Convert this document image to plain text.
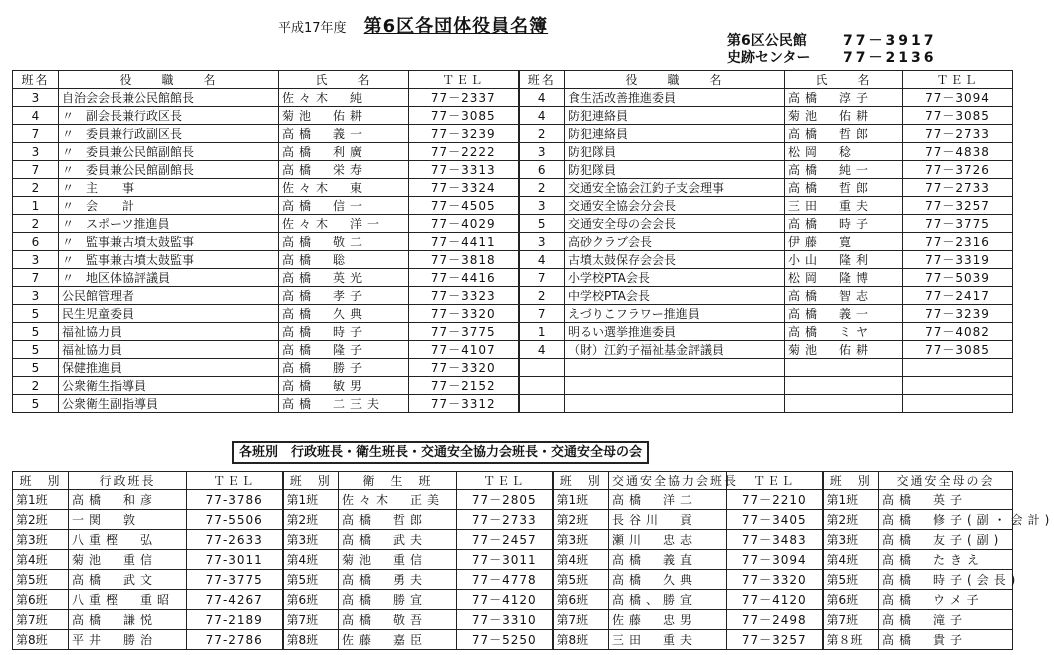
平成17年度 第6区各団体役員名簿
第6区公民館	77－3917
史跡センター 77－2136
班名	役　　職　　名	氏　　名	ＴＥＬ	班名	役　　職　　名	氏　　名	ＴＥＬ
3	自治会会長兼公民館館長	佐々木　純	77－2337	4	食生活改善推進委員	高橋　淳子	77－3094
4	〃　副会長兼行政区長	菊池　佑耕	77－3085	4	防犯連絡員	菊池　佑耕	77－3085
7	〃　委員兼行政副区長	高橋　義一	77－3239	2	防犯連絡員	高橋　哲郎	77－2733
3	〃　委員兼公民館副館長	高橋　利廣	77－2222	3	防犯隊員	松岡　稔	77－4838
7	〃　委員兼公民館副館長	高橋　栄寿	77－3313	6	防犯隊員	高橋　純一	77－3726
2	〃　主　　事	佐々木　東	77－3324	2	交通安全協会江釣子支会理事	高橋　哲郎	77－2733
1	〃　会　　計	高橋　信一	77－4505	3	交通安全協会分会長	三田　重夫	77－3257
2	〃　スポーツ推進員	佐々木　洋一	77－4029	5	交通安全母の会会長	高橋　時子	77－3775
6	〃　監事兼古墳太鼓監事	高橋　敬二	77－4411	3	高砂クラブ会長	伊藤　寛	77－2316
3	〃　監事兼古墳太鼓監事	高橋　聡	77－3818	4	古墳太鼓保存会会長	小山　隆利	77－3319
7	〃　地区体協評議員	高橋　英光	77－4416	7	小学校PTA会長	松岡　隆博	77－5039
3	公民館管理者	高橋　孝子	77－3323	2	中学校PTA会長	高橋　智志	77－2417
5	民生児童委員	高橋　久典	77－3320	7	えづりこフラワー推進員	高橋　義一	77－3239
5	福祉協力員	高橋　時子	77－3775	1	明るい選挙推進委員	高橋　ミヤ	77－4082
5	福祉協力員	高橋　隆子	77－4107	4	（財）江釣子福祉基金評議員	菊池　佑耕	77－3085
5	保健推進員	高橋　勝子	77－3320				
2	公衆衛生指導員	高橋　敏男	77－2152				
5	公衆衛生副指導員	高橋　二三夫	77－3312				
各班別　行政班長・衛生班長・交通安全協力会班長・交通安全母の会
班　別	行政班長	ＴＥＬ	班　別	衛　生　班	ＴＥＬ	班　別	交通安全協力会班長	ＴＥＬ	班　別	交通安全母の会
第1班	高橋　和彦	77-3786	第1班	佐々木　正美	77－2805	第1班	高橋　洋二	77－2210	第1班	高橋　英子
第2班	一関　敦	77-5506	第2班	高橋　哲郎	77－2733	第2班	長谷川　貢	77－3405	第2班	高橋　修子(副・会計)
第3班	八重樫　弘	77-2633	第3班	高橋　武夫	77－2457	第3班	瀬川　忠志	77－3483	第3班	高橋　友子(副)
第4班	菊池　重信	77-3011	第4班	菊池　重信	77－3011	第4班	高橋　義直	77－3094	第4班	高橋　たきえ
第5班	高橋　武文	77-3775	第5班	高橋　勇夫	77－4778	第5班	高橋　久典	77－3320	第5班	高橋　時子(会長)
第6班	八重樫　重昭	77-4267	第6班	高橋　勝宣	77－4120	第6班	高橋、勝宣	77－4120	第6班	高橋　ウメ子
第7班	高橋　謙悦	77-2189	第7班	高橋　敬吾	77－3310	第7班	佐藤　忠男	77－2498	第7班	高橋　滝子
第8班	平井　勝治	77-2786	第8班	佐藤　嘉臣	77－5250	第8班	三田　重夫	77－3257	第８班	高橋　貴子
